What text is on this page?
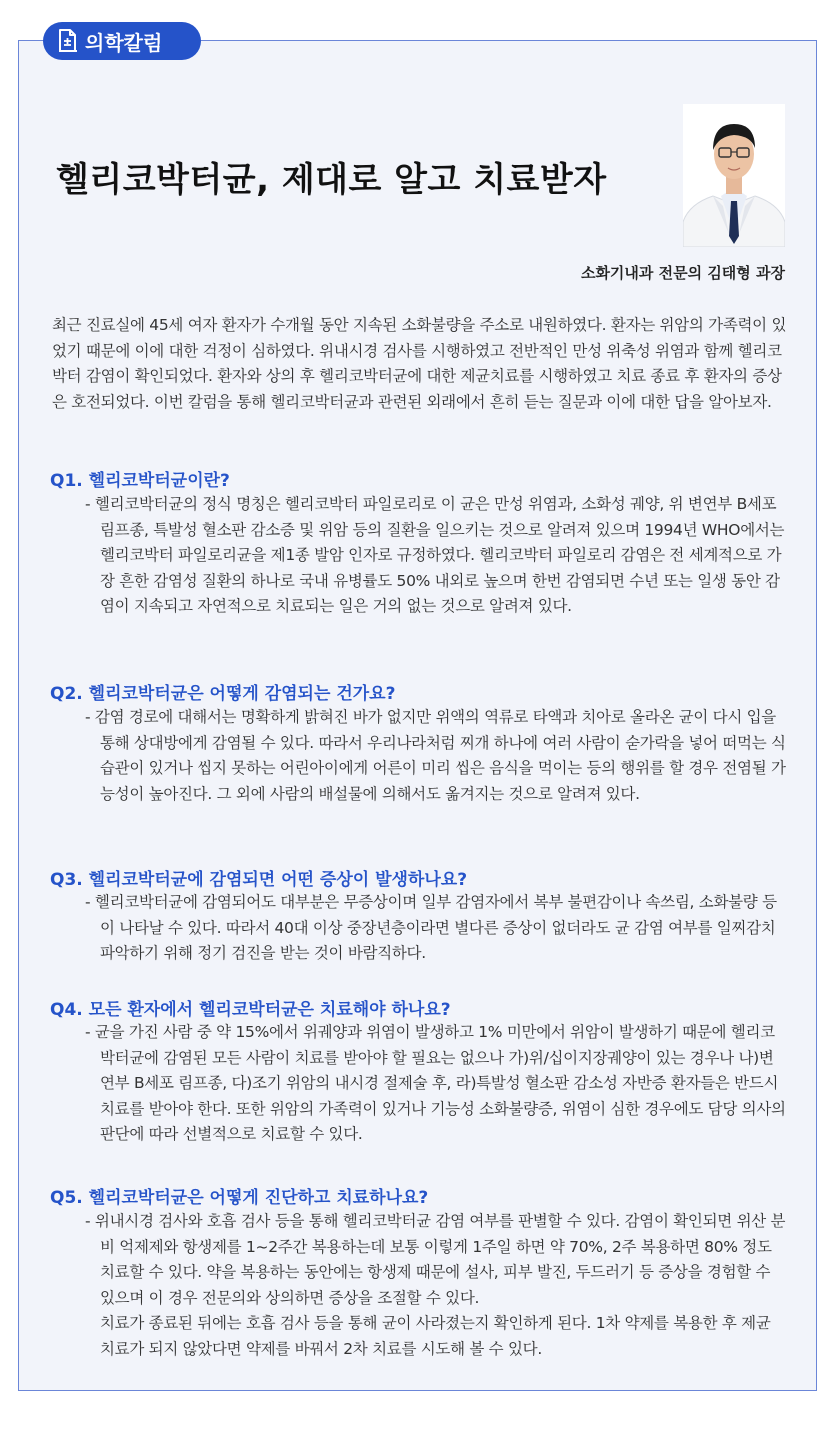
의학칼럼
헬리코박터균, 제대로 알고 치료받자
소화기내과 전문의 김태형 과장
최근 진료실에 45세 여자 환자가 수개월 동안 지속된 소화불량을 주소로 내원하였다. 환자는 위암의 가족력이 있었기 때문에 이에 대한 걱정이 심하였다. 위내시경 검사를 시행하였고 전반적인 만성 위축성 위염과 함께 헬리코박터 감염이 확인되었다. 환자와 상의 후 헬리코박터균에 대한 제균치료를 시행하였고 치료 종료 후 환자의 증상은 호전되었다. 이번 칼럼을 통해 헬리코박터균과 관련된 외래에서 흔히 듣는 질문과 이에 대한 답을 알아보자.
Q1. 헬리코박터균이란?
- 헬리코박터균의 정식 명칭은 헬리코박터 파일로리로 이 균은 만성 위염과, 소화성 궤양, 위 변연부 B세포 림프종, 특발성 혈소판 감소증 및 위암 등의 질환을 일으키는 것으로 알려져 있으며 1994년 WHO에서는 헬리코박터 파일로리균을 제1종 발암 인자로 규정하였다. 헬리코박터 파일로리 감염은 전 세계적으로 가장 흔한 감염성 질환의 하나로 국내 유병률도 50% 내외로 높으며 한번 감염되면 수년 또는 일생 동안 감염이 지속되고 자연적으로 치료되는 일은 거의 없는 것으로 알려져 있다.
Q2. 헬리코박터균은 어떻게 감염되는 건가요?
- 감염 경로에 대해서는 명확하게 밝혀진 바가 없지만 위액의 역류로 타액과 치아로 올라온 균이 다시 입을 통해 상대방에게 감염될 수 있다. 따라서 우리나라처럼 찌개 하나에 여러 사람이 숟가락을 넣어 떠먹는 식습관이 있거나 씹지 못하는 어린아이에게 어른이 미리 씹은 음식을 먹이는 등의 행위를 할 경우 전염될 가능성이 높아진다. 그 외에 사람의 배설물에 의해서도 옮겨지는 것으로 알려져 있다.
Q3. 헬리코박터균에 감염되면 어떤 증상이 발생하나요?
- 헬리코박터균에 감염되어도 대부분은 무증상이며 일부 감염자에서 복부 불편감이나 속쓰림, 소화불량 등이 나타날 수 있다. 따라서 40대 이상 중장년층이라면 별다른 증상이 없더라도 균 감염 여부를 일찌감치 파악하기 위해 정기 검진을 받는 것이 바람직하다.
Q4. 모든 환자에서 헬리코박터균은 치료해야 하나요?
- 균을 가진 사람 중 약 15%에서 위궤양과 위염이 발생하고 1% 미만에서 위암이 발생하기 때문에 헬리코박터균에 감염된 모든 사람이 치료를 받아야 할 필요는 없으나 가)위/십이지장궤양이 있는 경우나 나)변연부 B세포 림프종, 다)조기 위암의 내시경 절제술 후, 라)특발성 혈소판 감소성 자반증 환자들은 반드시 치료를 받아야 한다. 또한 위암의 가족력이 있거나 기능성 소화불량증, 위염이 심한 경우에도 담당 의사의 판단에 따라 선별적으로 치료할 수 있다.
Q5. 헬리코박터균은 어떻게 진단하고 치료하나요?
- 위내시경 검사와 호흡 검사 등을 통해 헬리코박터균 감염 여부를 판별할 수 있다. 감염이 확인되면 위산 분비 억제제와 항생제를 1~2주간 복용하는데 보통 이렇게 1주일 하면 약 70%, 2주 복용하면 80% 정도 치료할 수 있다. 약을 복용하는 동안에는 항생제 때문에 설사, 피부 발진, 두드러기 등 증상을 경험할 수 있으며 이 경우 전문의와 상의하면 증상을 조절할 수 있다.
치료가 종료된 뒤에는 호흡 검사 등을 통해 균이 사라졌는지 확인하게 된다. 1차 약제를 복용한 후 제균 치료가 되지 않았다면 약제를 바꿔서 2차 치료를 시도해 볼 수 있다.
